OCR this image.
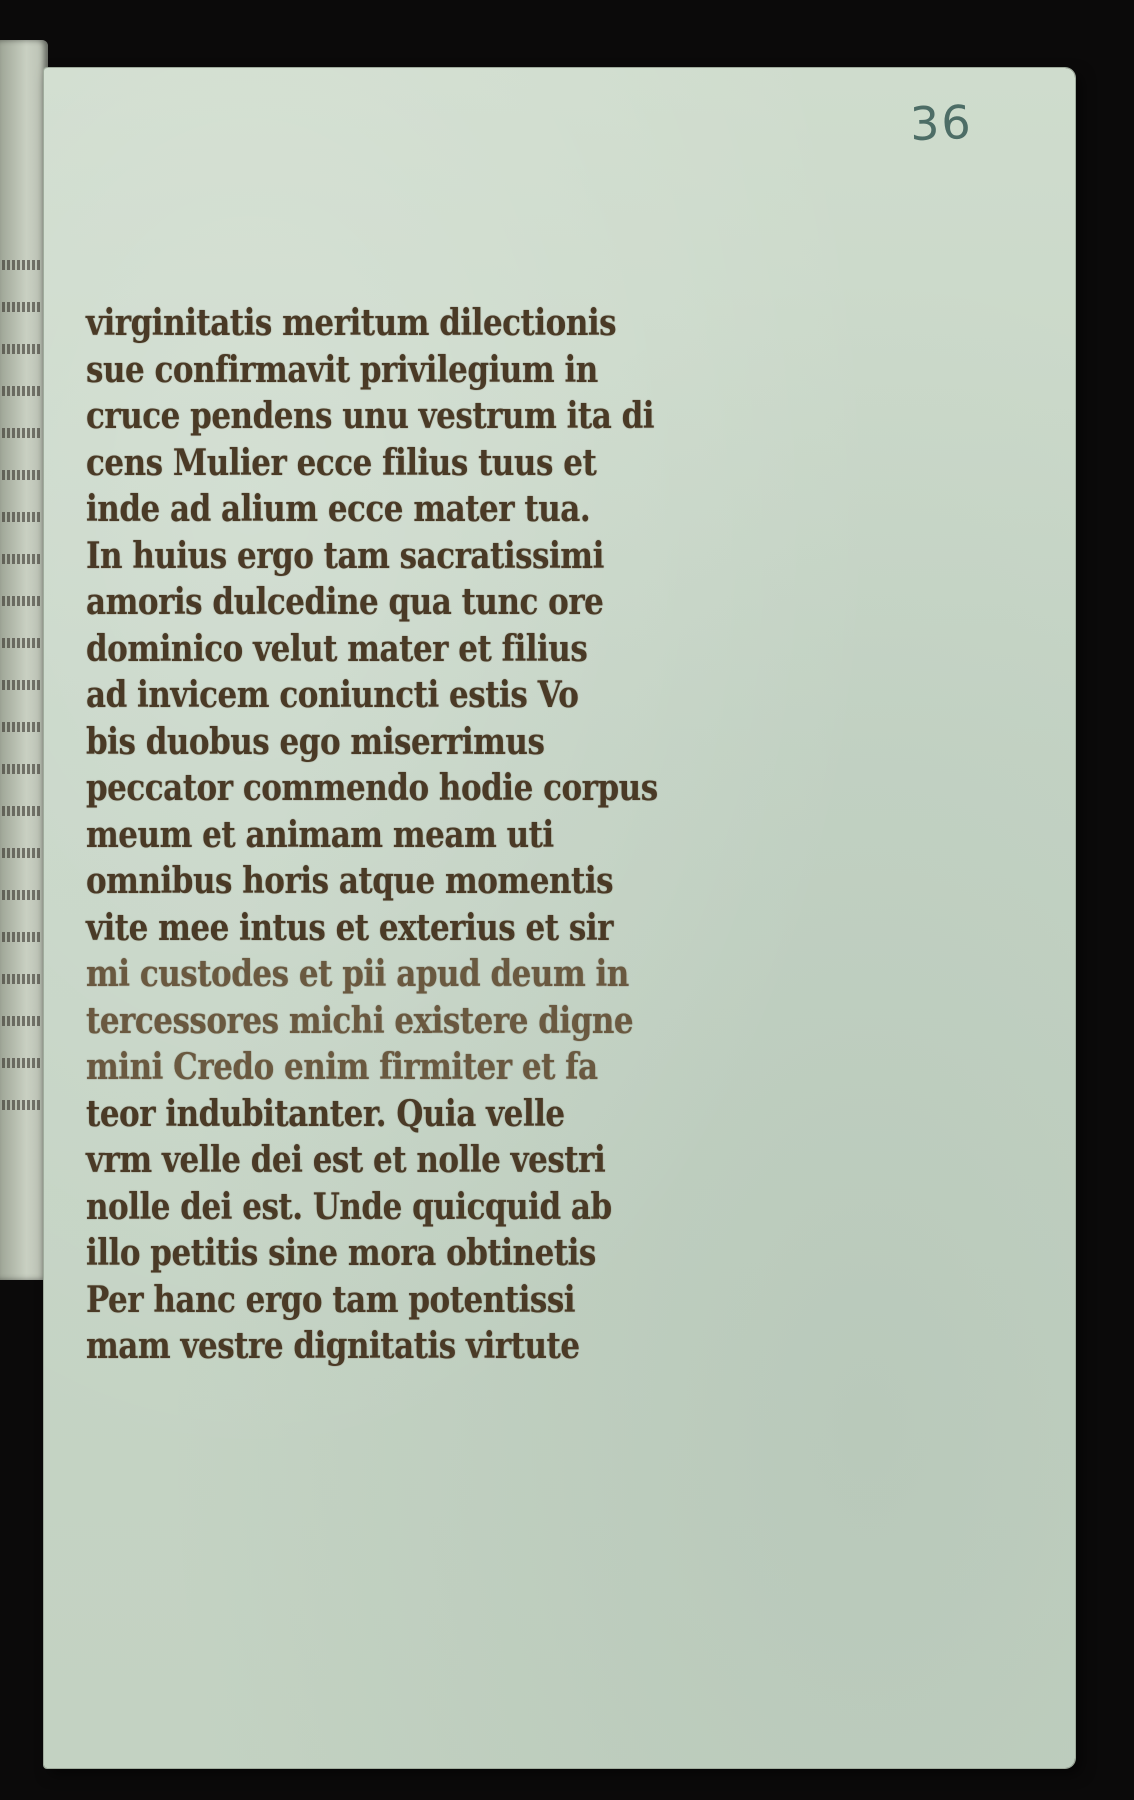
36
virginitatis meritum dilectionis
sue confirmavit privilegium in
cruce pendens unu vestrum ita di
cens Mulier ecce filius tuus et
inde ad alium ecce mater tua.
In huius ergo tam sacratissimi
amoris dulcedine qua tunc ore
dominico velut mater et filius
ad invicem coniuncti estis Vo
bis duobus ego miserrimus
peccator commendo hodie corpus
meum et animam meam uti
omnibus horis atque momentis
vite mee intus et exterius et sir
mi custodes et pii apud deum in
tercessores michi existere digne
mini Credo enim firmiter et fa
teor indubitanter. Quia velle
vrm velle dei est et nolle vestri
nolle dei est. Unde quicquid ab
illo petitis sine mora obtinetis
Per hanc ergo tam potentissi
mam vestre dignitatis virtute
